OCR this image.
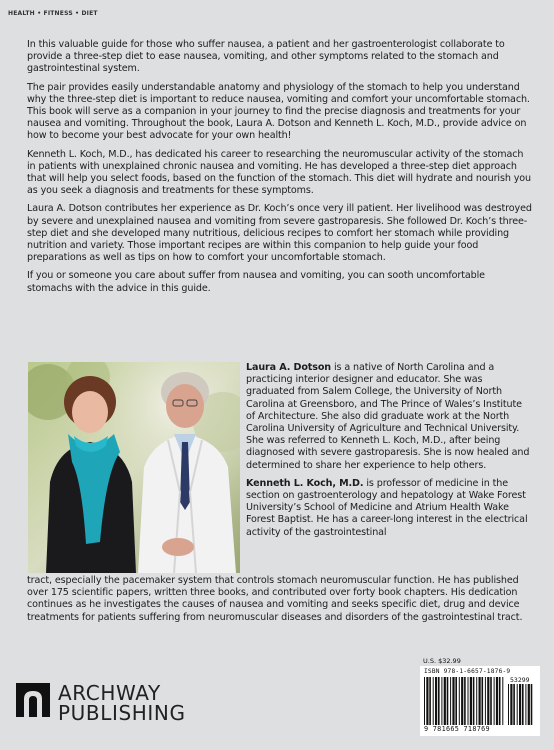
HEALTH • FITNESS • DIET

In this valuable guide for those who suffer nausea, a patient and her gastroenterologist collaborate to provide a three-step diet to ease nausea, vomiting, and other symptoms related to the stomach and gastrointestinal system.

The pair provides easily understandable anatomy and physiology of the stomach to help you understand why the three-step diet is important to reduce nausea, vomiting and comfort your uncomfortable stomach. This book will serve as a companion in your journey to find the precise diagnosis and treatments for your nausea and vomiting. Throughout the book, Laura A. Dotson and Kenneth L. Koch, M.D., provide advice on how to become your best advocate for your own health!

Kenneth L. Koch, M.D., has dedicated his career to researching the neuromuscular activity of the stomach in patients with unexplained chronic nausea and vomiting. He has developed a three-step diet approach that will help you select foods, based on the function of the stomach. This diet will hydrate and nourish you as you seek a diagnosis and treatments for these symptoms.

Laura A. Dotson contributes her experience as Dr. Koch’s once very ill patient. Her livelihood was destroyed by severe and unexplained nausea and vomiting from severe gastroparesis. She followed Dr. Koch’s three-step diet and she developed many nutritious, delicious recipes to comfort her stomach while providing nutrition and variety. Those important recipes are within this companion to help guide your food preparations as well as tips on how to comfort your uncomfortable stomach.

If you or someone you care about suffer from nausea and vomiting, you can sooth uncomfortable stomachs with the advice in this guide.

Laura A. Dotson is a native of North Carolina and a practicing interior designer and educator. She was graduated from Salem College, the University of North Carolina at Greensboro, and The Prince of Wales’s Institute of Architecture. She also did graduate work at the North Carolina University of Agriculture and Technical University. She was referred to Kenneth L. Koch, M.D., after being diagnosed with severe gastroparesis. She is now healed and determined to share her experience to help others.

Kenneth L. Koch, M.D. is professor of medicine in the section on gastroenterology and hepatology at Wake Forest University’s School of Medicine and Atrium Health Wake Forest Baptist. He has a career-long interest in the electrical activity of the gastrointestinal

tract, especially the pacemaker system that controls stomach neuromuscular function. He has published over 175 scientific papers, written three books, and contributed over forty book chapters. His dedication continues as he investigates the causes of nausea and vomiting and seeks specific diet, drug and device treatments for patients suffering from neuromuscular diseases and disorders of the gastrointestinal tract.

ARCHWAY
PUBLISHING
U.S. $32.99
ISBN 978-1-6657-1876-9
53299
9 781665 718769
